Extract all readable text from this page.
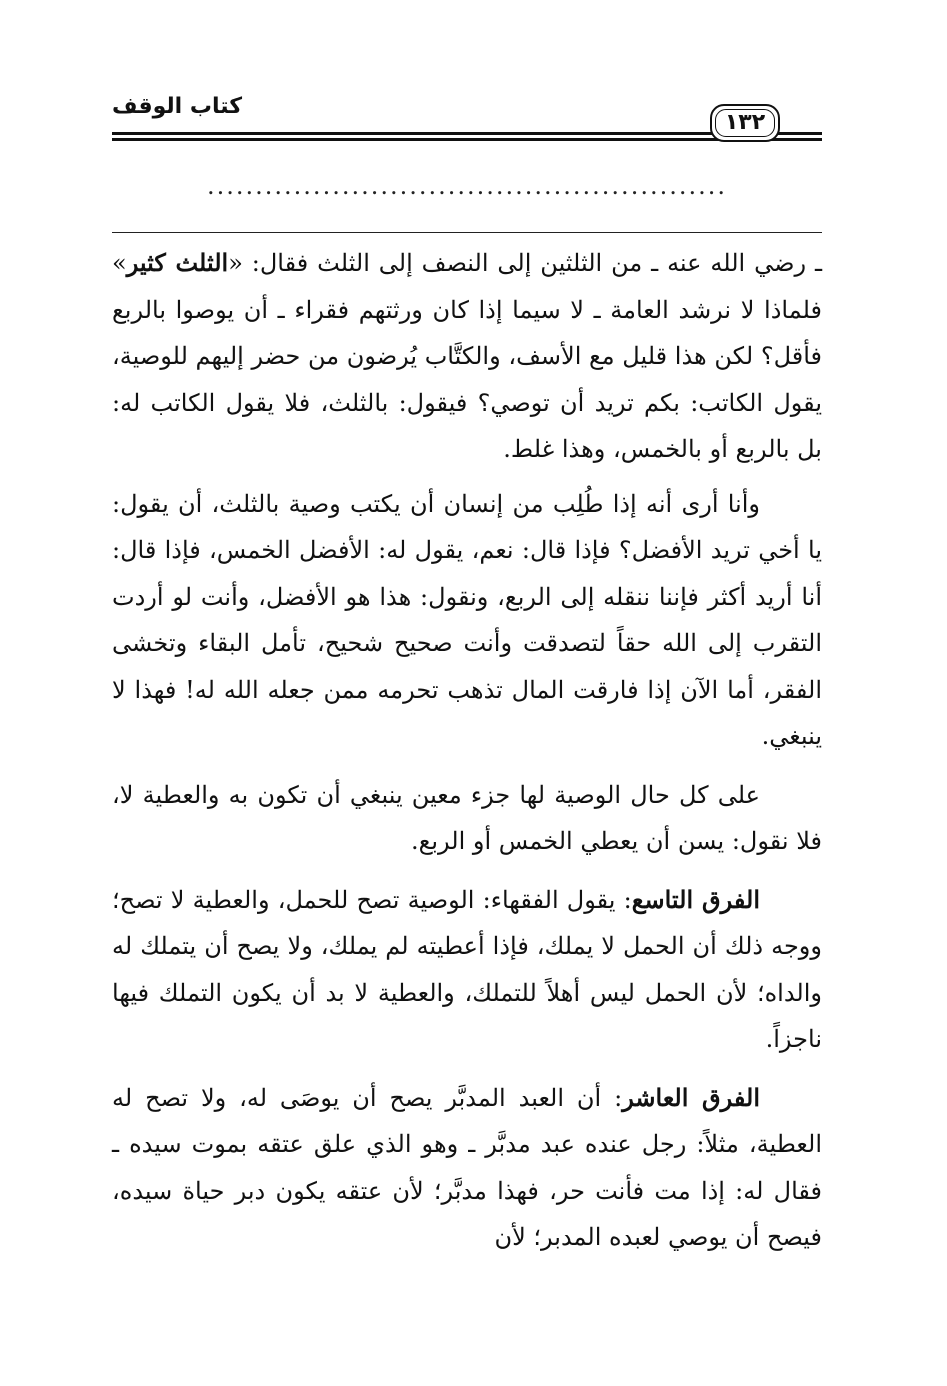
كتاب الوقف
١٣٢
......................................................

ـ رضي الله عنه ـ من الثلثين إلى النصف إلى الثلث فقال: «الثلث كثير» فلماذا لا نرشد العامة ـ لا سيما إذا كان ورثتهم فقراء ـ أن يوصوا بالربع فأقل؟ لكن هذا قليل مع الأسف، والكتَّاب يُرضون من حضر إليهم للوصية، يقول الكاتب: بكم تريد أن توصي؟ فيقول: بالثلث، فلا يقول الكاتب له: بل بالربع أو بالخمس، وهذا غلط.

وأنا أرى أنه إذا طُلِب من إنسان أن يكتب وصية بالثلث، أن يقول: يا أخي تريد الأفضل؟ فإذا قال: نعم، يقول له: الأفضل الخمس، فإذا قال: أنا أريد أكثر فإننا ننقله إلى الربع، ونقول: هذا هو الأفضل، وأنت لو أردت التقرب إلى الله حقاً لتصدقت وأنت صحيح شحيح، تأمل البقاء وتخشى الفقر، أما الآن إذا فارقت المال تذهب تحرمه ممن جعله الله له! فهذا لا ينبغي.

على كل حال الوصية لها جزء معين ينبغي أن تكون به والعطية لا، فلا نقول: يسن أن يعطي الخمس أو الربع.

الفرق التاسع: يقول الفقهاء: الوصية تصح للحمل، والعطية لا تصح؛ ووجه ذلك أن الحمل لا يملك، فإذا أعطيته لم يملك، ولا يصح أن يتملك له والداه؛ لأن الحمل ليس أهلاً للتملك، والعطية لا بد أن يكون التملك فيها ناجزاً.

الفرق العاشر: أن العبد المدبَّر يصح أن يوصَى له، ولا تصح له العطية، مثلاً: رجل عنده عبد مدبَّر ـ وهو الذي علق عتقه بموت سيده ـ فقال له: إذا مت فأنت حر، فهذا مدبَّر؛ لأن عتقه يكون دبر حياة سيده، فيصح أن يوصي لعبده المدبر؛ لأن
